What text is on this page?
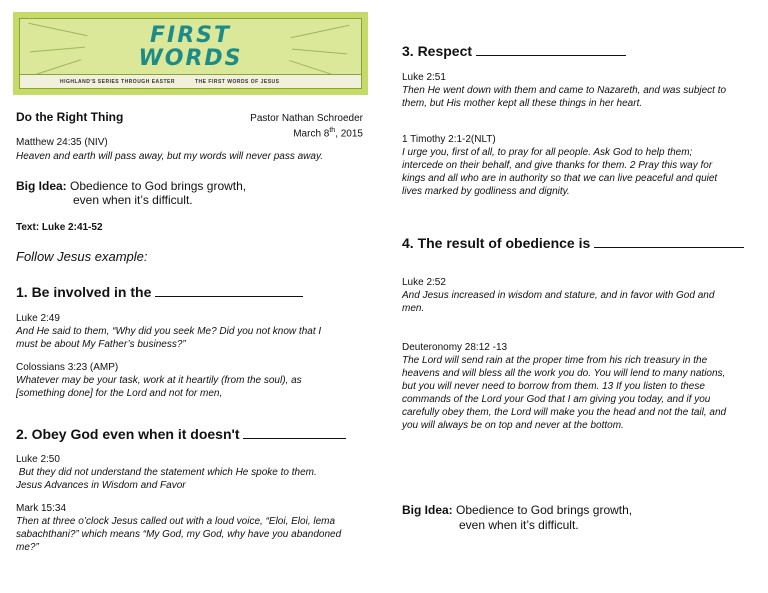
FIRST
WORDS
HIGHLAND'S SERIES THROUGH EASTER	THE FIRST WORDS OF JESUS
Do the Right Thing	Pastor Nathan Schroeder
March 8th, 2015
Matthew 24:35 (NIV)
Heaven and earth will pass away, but my words will never pass away.
Big Idea: Obedience to God brings growth,
even when it’s difficult.
Text: Luke 2:41-52
Follow Jesus example:
1. Be involved in the
Luke 2:49
And He said to them, “Why did you seek Me? Did you not know that I
must be about My Father’s business?”
Colossians 3:23 (AMP)
Whatever may be your task, work at it heartily (from the soul), as
[something done] for the Lord and not for men,
2. Obey God even when it doesn't
Luke 2:50
But they did not understand the statement which He spoke to them.
Jesus Advances in Wisdom and Favor
Mark 15:34
Then at three o’clock Jesus called out with a loud voice, “Eloi, Eloi, lema
sabachthani?” which means “My God, my God, why have you abandoned
me?”
3. Respect
Luke 2:51
Then He went down with them and came to Nazareth, and was subject to
them, but His mother kept all these things in her heart.
1 Timothy 2:1-2(NLT)
I urge you, first of all, to pray for all people. Ask God to help them;
intercede on their behalf, and give thanks for them. 2 Pray this way for
kings and all who are in authority so that we can live peaceful and quiet
lives marked by godliness and dignity.
4. The result of obedience is
Luke 2:52
And Jesus increased in wisdom and stature, and in favor with God and
men.
Deuteronomy 28:12 -13
The Lord will send rain at the proper time from his rich treasury in the
heavens and will bless all the work you do. You will lend to many nations,
but you will never need to borrow from them. 13 If you listen to these
commands of the Lord your God that I am giving you today, and if you
carefully obey them, the Lord will make you the head and not the tail, and
you will always be on top and never at the bottom.
Big Idea: Obedience to God brings growth,
even when it’s difficult.
